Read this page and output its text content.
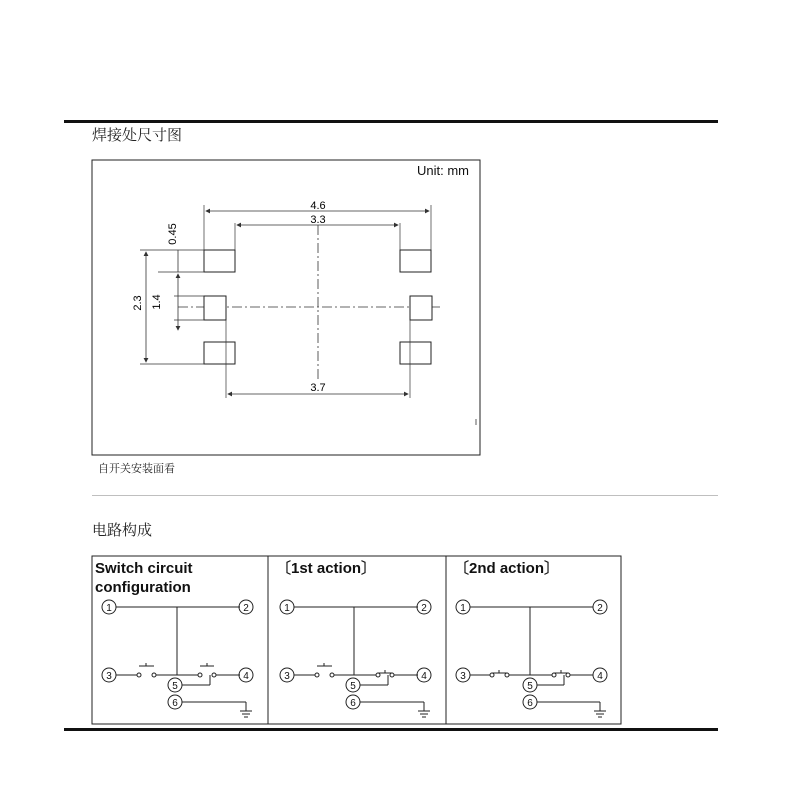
焊接处尺寸图
4.6
3.3
3.7
2.3
0.45
1.4
Unit: mm
自开关安装面看
电路构成
1	2
3	4
5
6
1	2
3	4
5
6
1	2
3	4
5
6
Switch circuit
configuration
〔1st action〕	〔2nd action〕
